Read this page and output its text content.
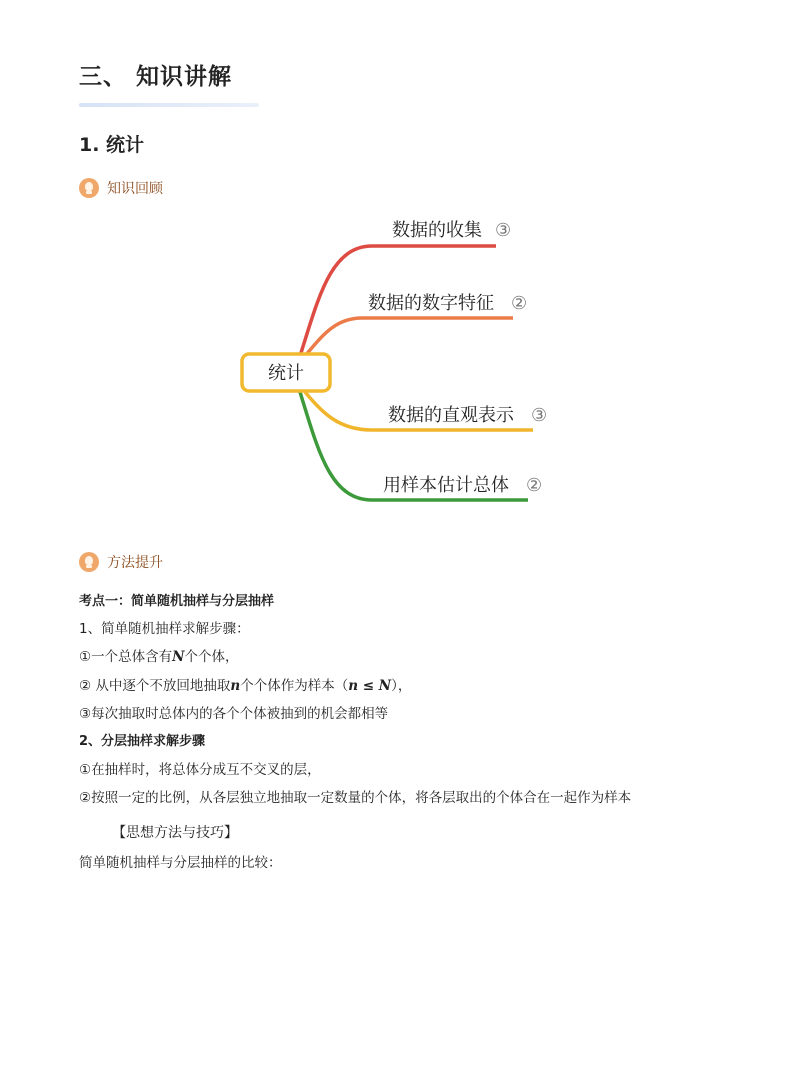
三、 知识讲解
1. 统计
知识回顾
统计
数据的收集 ③
数据的数字特征 ②
数据的直观表示 ③
用样本估计总体 ②
方法提升
考点一：简单随机抽样与分层抽样
1、简单随机抽样求解步骤：
①一个总体含有N个个体，
② 从中逐个不放回地抽取n个个体作为样本（n ≤ N），
③每次抽取时总体内的各个个体被抽到的机会都相等
2、分层抽样求解步骤
①在抽样时，将总体分成互不交叉的层，
②按照一定的比例，从各层独立地抽取一定数量的个体，将各层取出的个体合在一起作为样本
【思想方法与技巧】
简单随机抽样与分层抽样的比较：
